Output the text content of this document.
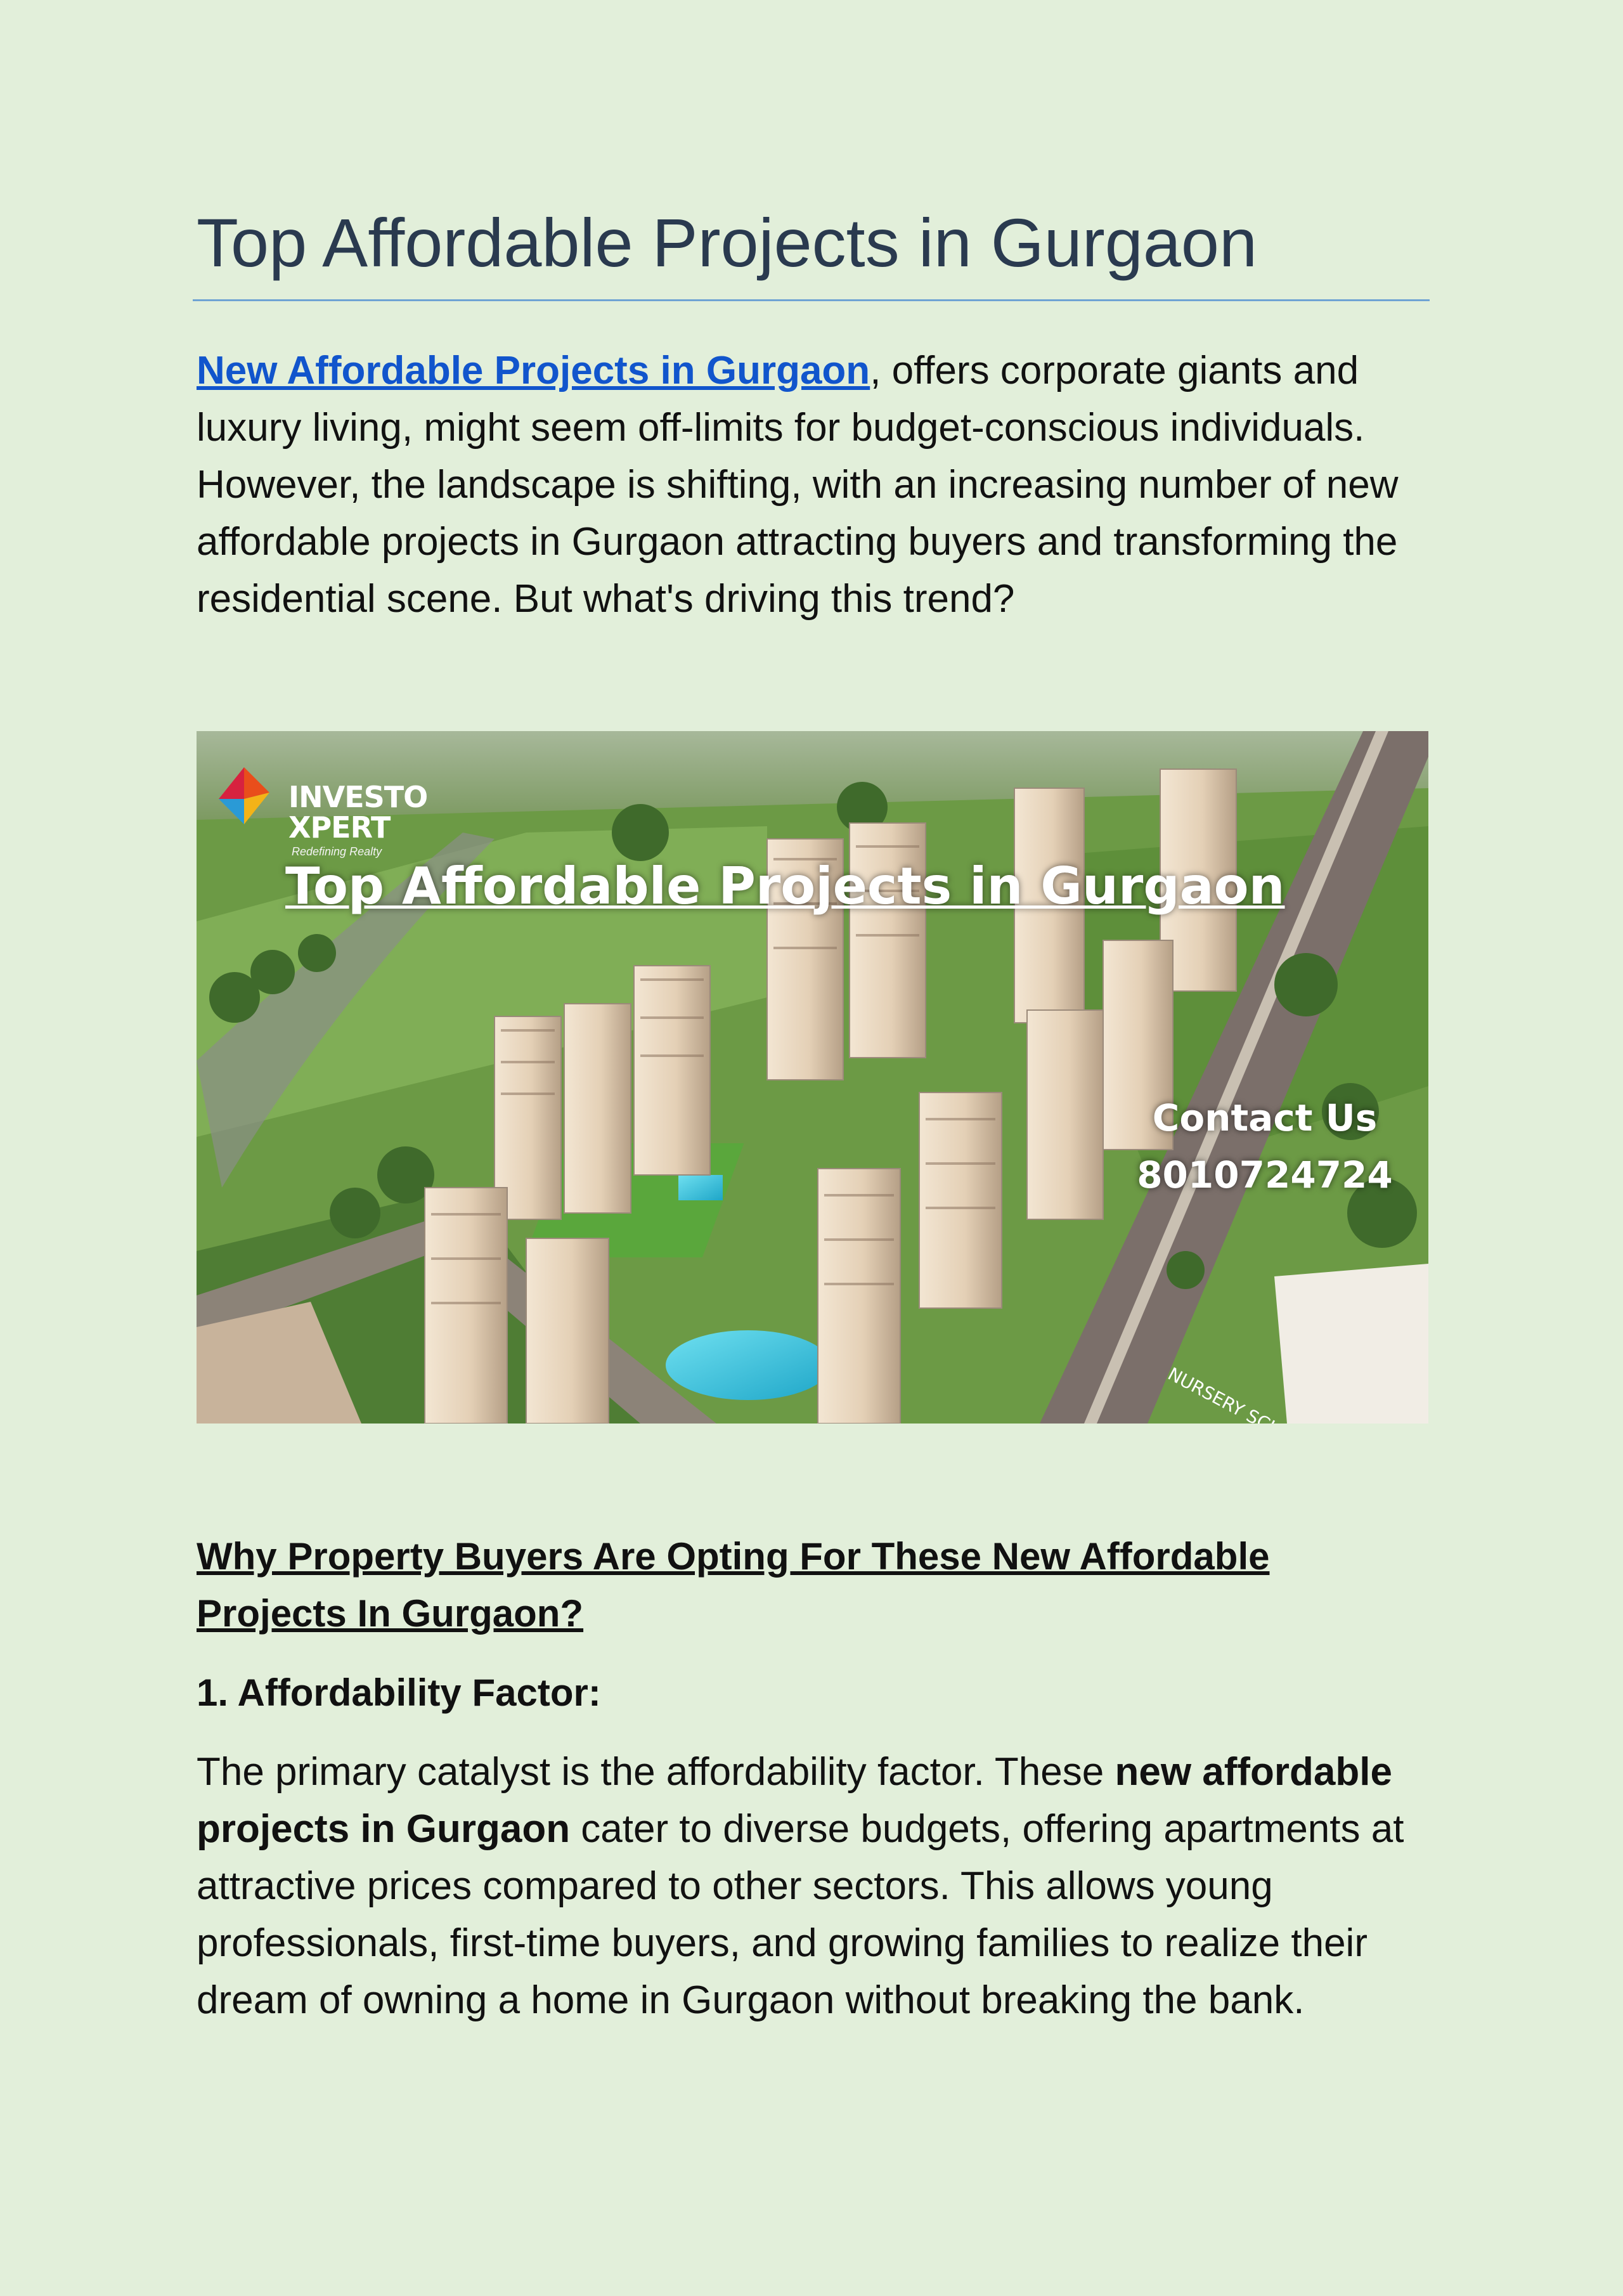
Top Affordable Projects in Gurgaon

New Affordable Projects in Gurgaon, offers corporate giants and luxury living, might seem off-limits for budget-conscious individuals. However, the landscape is shifting, with an increasing number of new affordable projects in Gurgaon attracting buyers and transforming the residential scene. But what's driving this trend?

INVESTO
XPERT
Redefining Realty
Top Affordable Projects in Gurgaon
Contact Us
8010724724
Why Property Buyers Are Opting For These New Affordable Projects In Gurgaon?
1. Affordability Factor:

The primary catalyst is the affordability factor. These new affordable projects in Gurgaon cater to diverse budgets, offering apartments at attractive prices compared to other sectors. This allows young professionals, first-time buyers, and growing families to realize their dream of owning a home in Gurgaon without breaking the bank.
